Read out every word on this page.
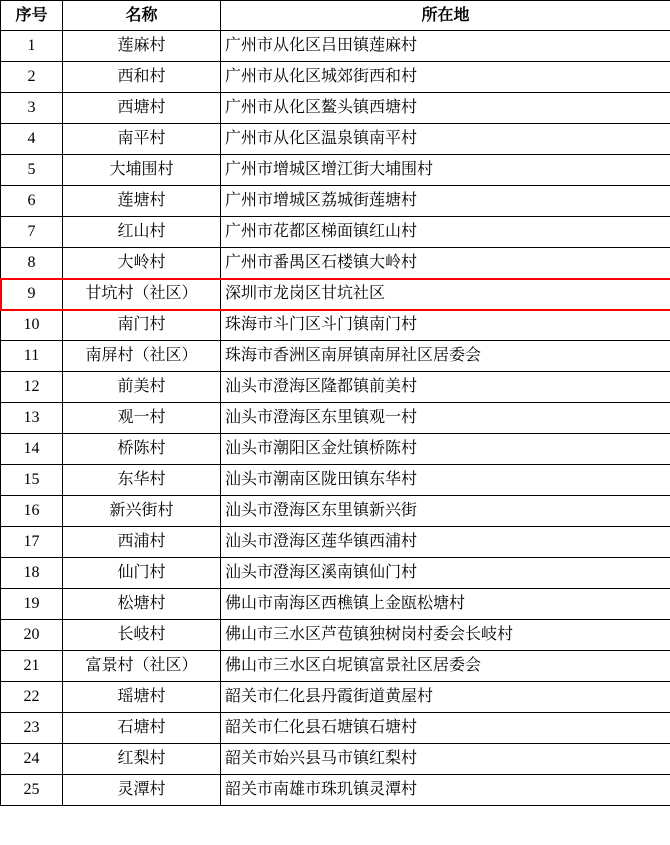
序号	名称	所在地
1	莲麻村	广州市从化区吕田镇莲麻村
2	西和村	广州市从化区城郊街西和村
3	西塘村	广州市从化区鳌头镇西塘村
4	南平村	广州市从化区温泉镇南平村
5	大埔围村	广州市增城区增江街大埔围村
6	莲塘村	广州市增城区荔城街莲塘村
7	红山村	广州市花都区梯面镇红山村
8	大岭村	广州市番禺区石楼镇大岭村
9	甘坑村（社区）	深圳市龙岗区甘坑社区
10	南门村	珠海市斗门区斗门镇南门村
11	南屏村（社区）	珠海市香洲区南屏镇南屏社区居委会
12	前美村	汕头市澄海区隆都镇前美村
13	观一村	汕头市澄海区东里镇观一村
14	桥陈村	汕头市潮阳区金灶镇桥陈村
15	东华村	汕头市潮南区陇田镇东华村
16	新兴街村	汕头市澄海区东里镇新兴街
17	西浦村	汕头市澄海区莲华镇西浦村
18	仙门村	汕头市澄海区溪南镇仙门村
19	松塘村	佛山市南海区西樵镇上金瓯松塘村
20	长岐村	佛山市三水区芦苞镇独树岗村委会长岐村
21	富景村（社区）	佛山市三水区白坭镇富景社区居委会
22	瑶塘村	韶关市仁化县丹霞街道黄屋村
23	石塘村	韶关市仁化县石塘镇石塘村
24	红梨村	韶关市始兴县马市镇红梨村
25	灵潭村	韶关市南雄市珠玑镇灵潭村
